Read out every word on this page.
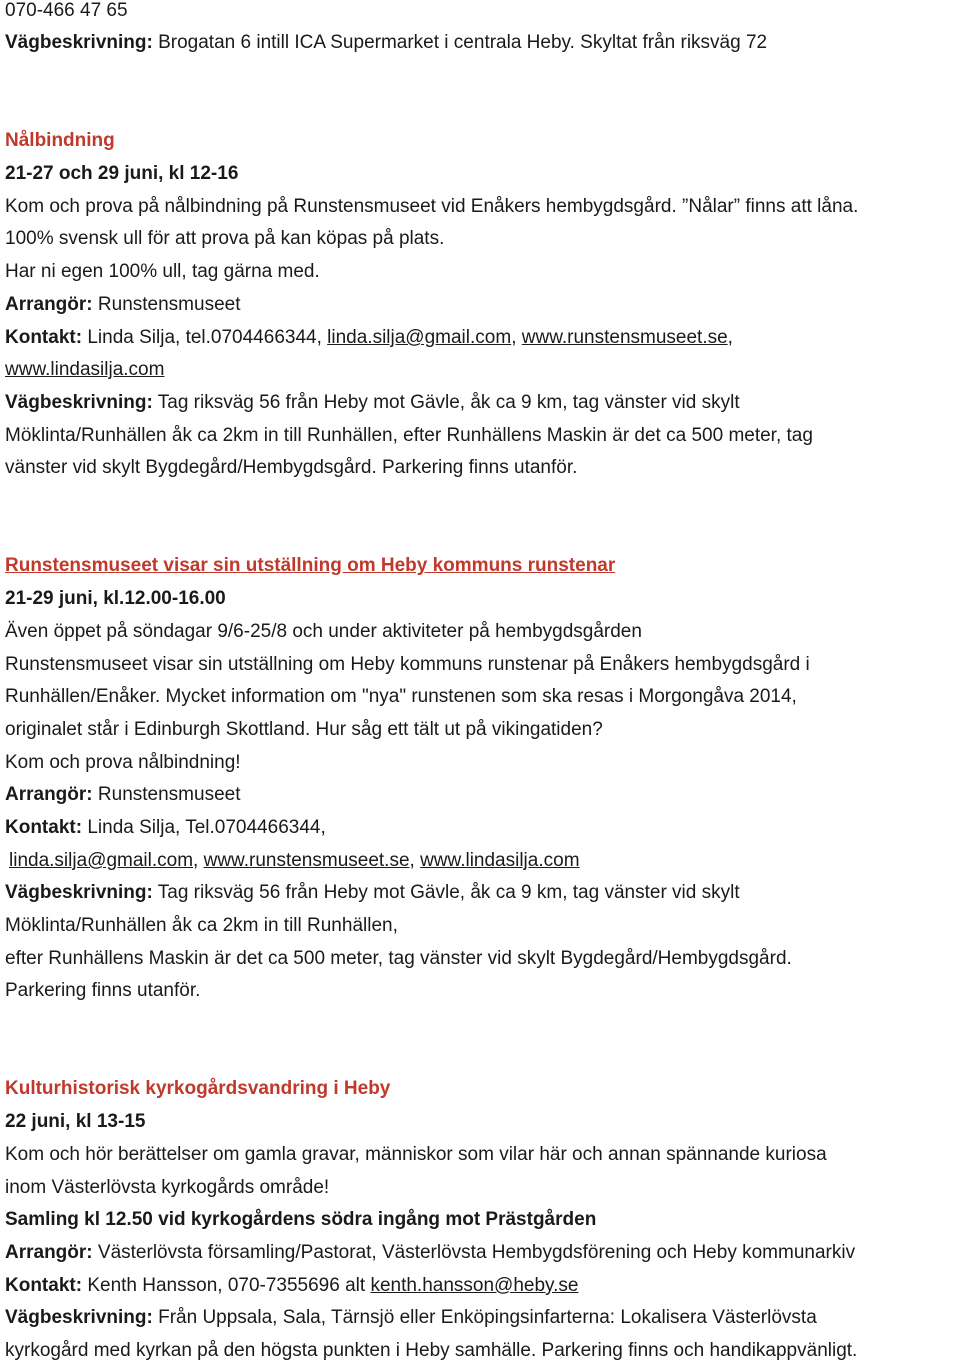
070-466 47 65
Vägbeskrivning: Brogatan 6 intill ICA Supermarket i centrala Heby. Skyltat från riksväg 72
Nålbindning
21-27 och 29 juni, kl 12-16
Kom och prova på nålbindning på Runstensmuseet vid Enåkers hembygdsgård. ”Nålar” finns att låna.
100% svensk ull för att prova på kan köpas på plats.
Har ni egen 100% ull, tag gärna med.
Arrangör: Runstensmuseet
Kontakt: Linda Silja, tel.0704466344, linda.silja@gmail.com, www.runstensmuseet.se,
www.lindasilja.com
Vägbeskrivning: Tag riksväg 56 från Heby mot Gävle, åk ca 9 km, tag vänster vid skylt
Möklinta/Runhällen åk ca 2km in till Runhällen, efter Runhällens Maskin är det ca 500 meter, tag
vänster vid skylt Bygdegård/Hembygdsgård. Parkering finns utanför.
Runstensmuseet visar sin utställning om Heby kommuns runstenar
21-29 juni, kl.12.00-16.00
Även öppet på söndagar 9/6-25/8 och under aktiviteter på hembygdsgården
Runstensmuseet visar sin utställning om Heby kommuns runstenar på Enåkers hembygdsgård i
Runhällen/Enåker. Mycket information om "nya" runstenen som ska resas i Morgongåva 2014,
originalet står i Edinburgh Skottland. Hur såg ett tält ut på vikingatiden?
Kom och prova nålbindning!
Arrangör: Runstensmuseet
Kontakt: Linda Silja, Tel.0704466344,
linda.silja@gmail.com, www.runstensmuseet.se, www.lindasilja.com
Vägbeskrivning: Tag riksväg 56 från Heby mot Gävle, åk ca 9 km, tag vänster vid skylt
Möklinta/Runhällen åk ca 2km in till Runhällen,
efter Runhällens Maskin är det ca 500 meter, tag vänster vid skylt Bygdegård/Hembygdsgård.
Parkering finns utanför.
Kulturhistorisk kyrkogårdsvandring i Heby
22 juni, kl 13-15
Kom och hör berättelser om gamla gravar, människor som vilar här och annan spännande kuriosa
inom Västerlövsta kyrkogårds område!
Samling kl 12.50 vid kyrkogårdens södra ingång mot Prästgården
Arrangör: Västerlövsta församling/Pastorat, Västerlövsta Hembygdsförening och Heby kommunarkiv
Kontakt: Kenth Hansson, 070-7355696 alt kenth.hansson@heby.se
Vägbeskrivning: Från Uppsala, Sala, Tärnsjö eller Enköpingsinfarterna: Lokalisera Västerlövsta
kyrkogård med kyrkan på den högsta punkten i Heby samhälle. Parkering finns och handikappvänligt.
